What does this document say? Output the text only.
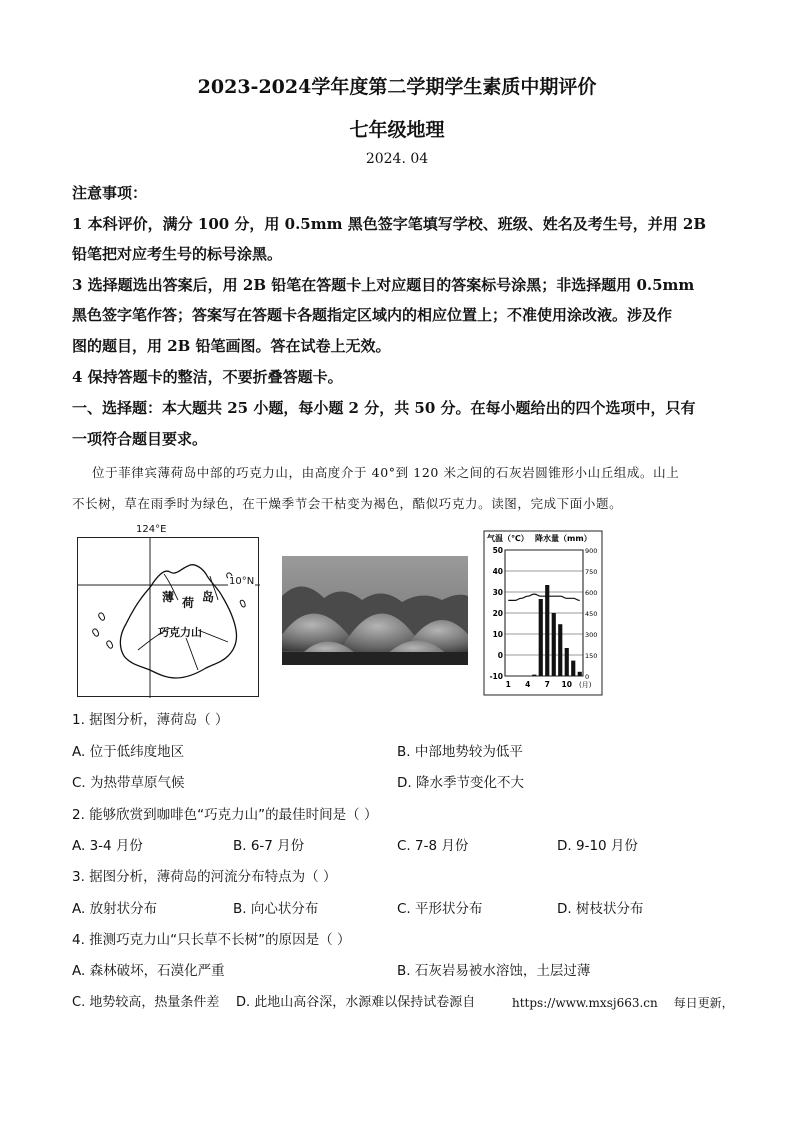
2023-2024学年度第二学期学生素质中期评价
七年级地理
2024. 04
注意事项：
1 本科评价，满分 100 分，用 0.5mm 黑色签字笔填写学校、班级、姓名及考生号，并用 2B
铅笔把对应考生号的标号涂黑。
3 选择题选出答案后，用 2B 铅笔在答题卡上对应题目的答案标号涂黑；非选择题用 0.5mm
黑色签字笔作答；答案写在答题卡各题指定区域内的相应位置上；不准使用涂改液。涉及作
图的题目，用 2B 铅笔画图。答在试卷上无效。
4 保持答题卡的整洁，不要折叠答题卡。
一、选择题：本大题共 25 小题，每小题 2 分，共 50 分。在每小题给出的四个选项中，只有
一项符合题目要求。
位于菲律宾薄荷岛中部的巧克力山，由高度介于 40°到 120 米之间的石灰岩圆锥形小山丘组成。山上
不长树，草在雨季时为绿色，在干燥季节会干枯变为褐色，酷似巧克力。读图，完成下面小题。
124°E
10°N
薄 荷 岛
巧克力山
气温（℃） 降水量（mm）
50
40
30
20
10
0
-10
900
750
600
450
300
150
0
1 4 7 10 (月)
1. 据图分析，薄荷岛（ ）
A. 位于低纬度地区	B. 中部地势较为低平
C. 为热带草原气候	D. 降水季节变化不大
2. 能够欣赏到咖啡色“巧克力山”的最佳时间是（ ）
A. 3-4 月份	B. 6-7 月份	C. 7-8 月份	D. 9-10 月份
3. 据图分析，薄荷岛的河流分布特点为（ ）
A. 放射状分布	B. 向心状分布	C. 平形状分布	D. 树枝状分布
4. 推测巧克力山“只长草不长树”的原因是（ ）
A. 森林破坏，石漠化严重	B. 石灰岩易被水溶蚀，土层过薄
C. 地势较高，热量条件差 D. 此地山高谷深，水源难以保持试卷源自	https://www.mxsj663.cn 每日更新，
